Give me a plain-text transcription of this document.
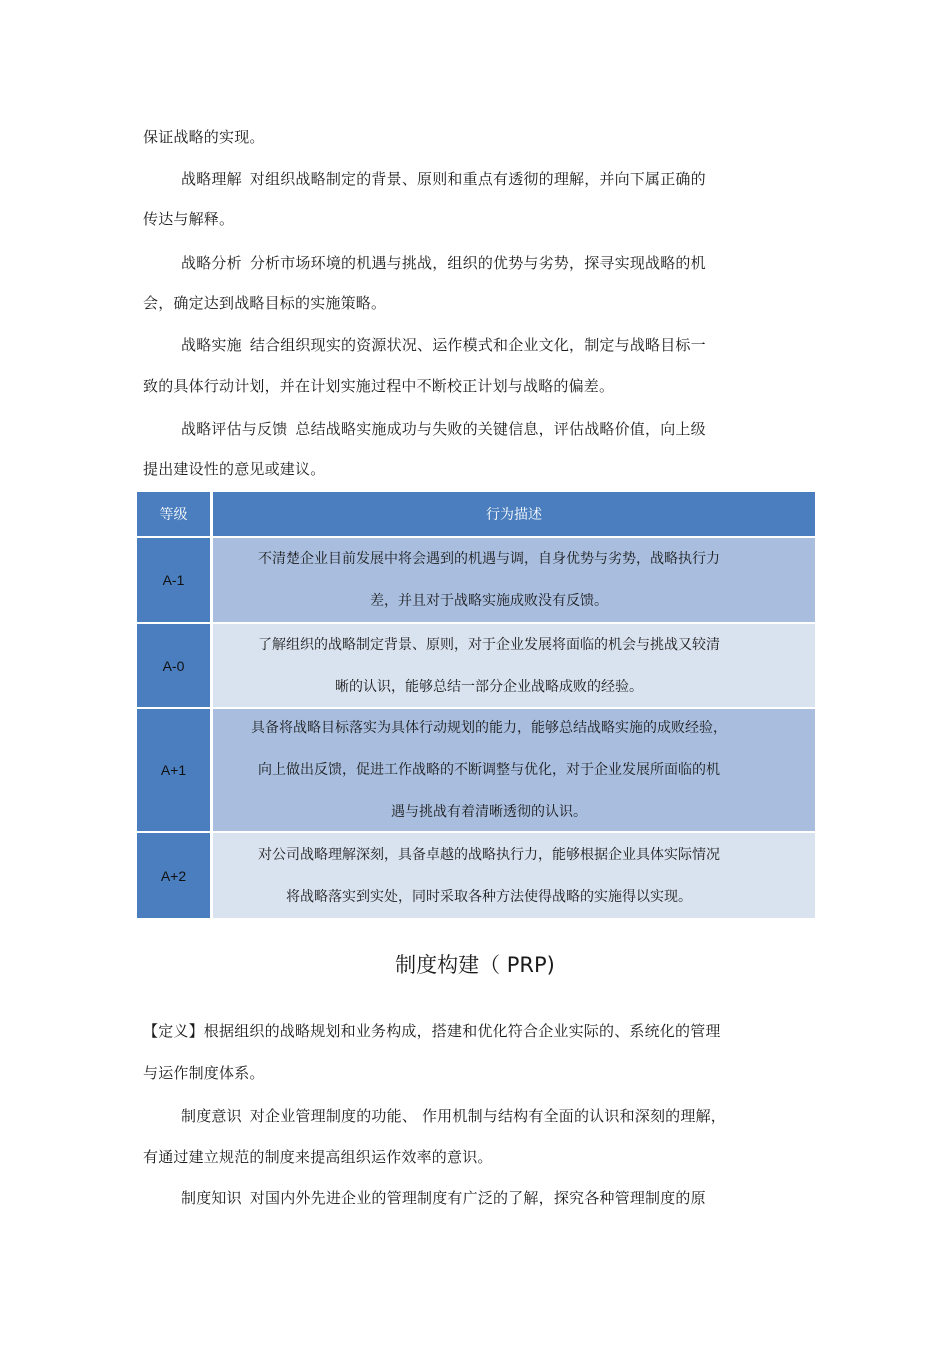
保证战略的实现。
战略理解 对组织战略制定的背景、原则和重点有透彻的理解，并向下属正确的
传达与解释。
战略分析 分析市场环境的机遇与挑战，组织的优势与劣势，探寻实现战略的机
会，确定达到战略目标的实施策略。
战略实施 结合组织现实的资源状况、运作模式和企业文化，制定与战略目标一
致的具体行动计划，并在计划实施过程中不断校正计划与战略的偏差。
战略评估与反馈 总结战略实施成功与失败的关键信息，评估战略价值，向上级
提出建设性的意见或建议。
等级	行为描述
A-1
不清楚企业目前发展中将会遇到的机遇与调，自身优势与劣势，战略执行力
差，并且对于战略实施成败没有反馈。
A-0
了解组织的战略制定背景、原则，对于企业发展将面临的机会与挑战又较清
晰的认识，能够总结一部分企业战略成败的经验。
A+1
具备将战略目标落实为具体行动规划的能力，能够总结战略实施的成败经验，
向上做出反馈，促进工作战略的不断调整与优化，对于企业发展所面临的机
遇与挑战有着清晰透彻的认识。
A+2
对公司战略理解深刻，具备卓越的战略执行力，能够根据企业具体实际情况
将战略落实到实处，同时采取各种方法使得战略的实施得以实现。
制度构建（ PRP)
【定义】根据组织的战略规划和业务构成，搭建和优化符合企业实际的、系统化的管理
与运作制度体系。
制度意识 对企业管理制度的功能、 作用机制与结构有全面的认识和深刻的理解，
有通过建立规范的制度来提高组织运作效率的意识。
制度知识 对国内外先进企业的管理制度有广泛的了解，探究各种管理制度的原
